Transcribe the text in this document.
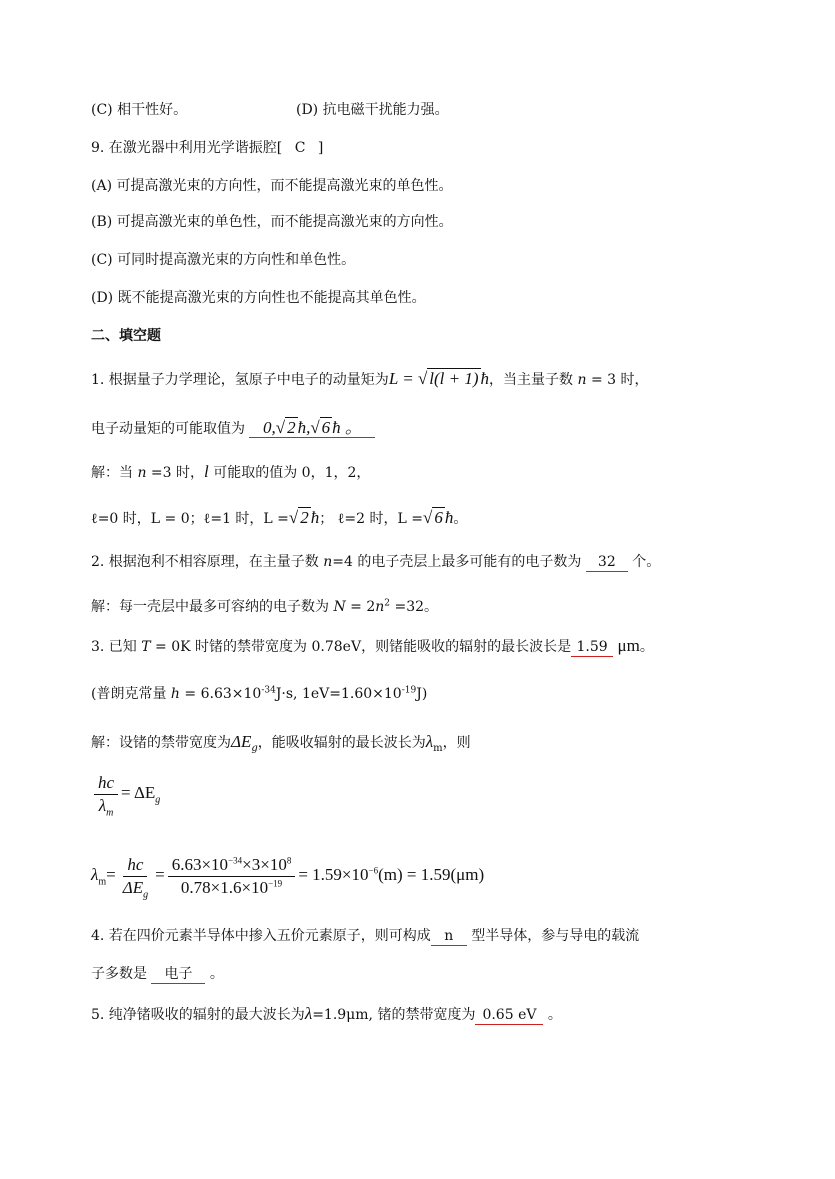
(C) 相干性好。	(D) 抗电磁干扰能力强。
9. 在激光器中利用光学谐振腔[ C ]
(A) 可提高激光束的方向性，而不能提高激光束的单色性。
(B) 可提高激光束的单色性，而不能提高激光束的方向性。
(C) 可同时提高激光束的方向性和单色性。
(D) 既不能提高激光束的方向性也不能提高其单色性。
二、填空题
1. 根据量子力学理论，氢原子中电子的动量矩为L = √ l(l + 1) ħ，当主量子数 n = 3 时，
电子动量矩的可能取值为 0,√ 2 ħ,√ 6 ħ 。
解：当 n =3 时，l 可能取的值为 0，1，2，
ℓ=0 时，L = 0；ℓ=1 时，L =√ 2 ħ； ℓ=2 时，L =√ 6 ħ。
2. 根据泡利不相容原理，在主量子数 n=4 的电子壳层上最多可能有的电子数为 32 个。
解：每一壳层中最多可容纳的电子数为 $N = 2n^2 =32$。
3. 已知 T = 0K 时锗的禁带宽度为 0.78eV，则锗能吸收的辐射的最长波长是 1.59 μm。
(普朗克常量 $h = 6.63\times 10^{-34}J\cdot s$, $1eV=1.60\times 10^{-19}J$)
解：设锗的禁带宽度为$\Delta E_g$，能吸收辐射的最长波长为$\lambda_m$，则
$\frac{hc}{\lambda_m} = \Delta E_g$
$\lambda_m= \frac{hc}{\Delta E_g} = \frac{6.63\times 10^{-34}\times 3\times 10^8}{0.78\times 1.6\times 10^{-19}} = 1.59\times 10^{-6}(m) = 1.59(\mu m)$
4. 若在四价元素半导体中掺入五价元素原子，则可构成 n 型半导体，参与导电的载流
子多数是 电子 。
5. 纯净锗吸收的辐射的最大波长为λ=1.9μm, 锗的禁带宽度为 0.65 eV 。
